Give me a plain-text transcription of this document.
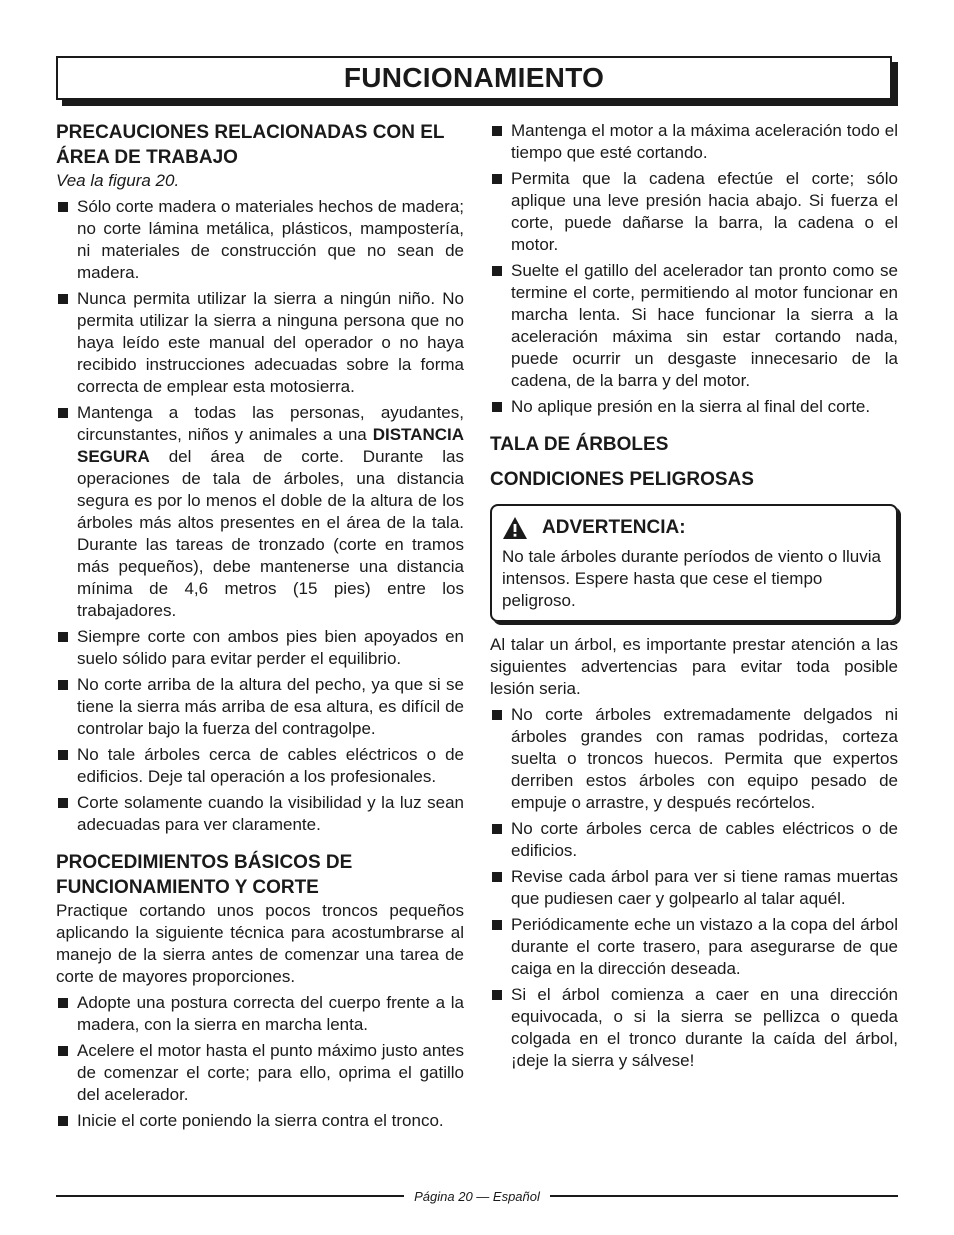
FUNCIONAMIENTO
PRECAUCIONES RELACIONADAS CON EL ÁREA DE TRABAJO

Vea la figura 20.

Sólo corte madera o materiales hechos de madera; no corte lámina metálica, plásticos, mampostería, ni materiales de construcción que no sean de madera.
Nunca permita utilizar la sierra a ningún niño. No permita utilizar la sierra a ninguna persona que no haya leído este manual del operador o no haya recibido instrucciones adecuadas sobre la forma correcta de emplear esta motosierra.
Mantenga a todas las personas, ayudantes, circunstantes, niños y animales a una DISTANCIA SEGURA del área de corte. Durante las operaciones de tala de árboles, una distancia segura es por lo menos el doble de la altura de los árboles más altos presentes en el área de la tala. Durante las tareas de tronzado (corte en tramos más pequeños), debe mantenerse una distancia mínima de 4,6 metros (15 pies) entre los trabajadores.
Siempre corte con ambos pies bien apoyados en suelo sólido para evitar perder el equilibrio.
No corte arriba de la altura del pecho, ya que si se tiene la sierra más arriba de esa altura, es difícil de controlar bajo la fuerza del contragolpe.
No tale árboles cerca de cables eléctricos o de edificios. Deje tal operación a los profesionales.
Corte solamente cuando la visibilidad y la luz sean adecuadas para ver claramente.
PROCEDIMIENTOS BÁSICOS DE FUNCIONAMIENTO Y CORTE

Practique cortando unos pocos troncos pequeños aplicando la siguiente técnica para acostumbrarse al manejo de la sierra antes de comenzar una tarea de corte de mayores proporciones.

Adopte una postura correcta del cuerpo frente a la madera, con la sierra en marcha lenta.
Acelere el motor hasta el punto máximo justo antes de comenzar el corte; para ello, oprima el gatillo del acelerador.
Inicie el corte poniendo la sierra contra el tronco.
Mantenga el motor a la máxima aceleración todo el tiempo que esté cortando.
Permita que la cadena efectúe el corte; sólo aplique una leve presión hacia abajo. Si fuerza el corte, puede dañarse la barra, la cadena o el motor.
Suelte el gatillo del acelerador tan pronto como se termine el corte, permitiendo al motor funcionar en marcha lenta. Si hace funcionar la sierra a la aceleración máxima sin estar cortando nada, puede ocurrir un desgaste innecesario de la cadena, de la barra y del motor.
No aplique presión en la sierra al final del corte.
TALA DE ÁRBOLES
CONDICIONES PELIGROSAS
ADVERTENCIA:

No tale árboles durante períodos de viento o lluvia intensos. Espere hasta que cese el tiempo peligroso.

Al talar un árbol, es importante prestar atención a las siguientes advertencias para evitar toda posible lesión seria.

No corte árboles extremadamente delgados ni árboles grandes con ramas podridas, corteza suelta o troncos huecos. Permita que expertos derriben estos árboles con equipo pesado de empuje o arrastre, y después recórtelos.
No corte árboles cerca de cables eléctricos o de edificios.
Revise cada árbol para ver si tiene ramas muertas que pudiesen caer y golpearlo al talar aquél.
Periódicamente eche un vistazo a la copa del árbol durante el corte trasero, para asegurarse de que caiga en la dirección deseada.
Si el árbol comienza a caer en una dirección equivocada, o si la sierra se pellizca o queda colgada en el tronco durante la caída del árbol, ¡deje la sierra y sálvese!
Página 20 — Español
